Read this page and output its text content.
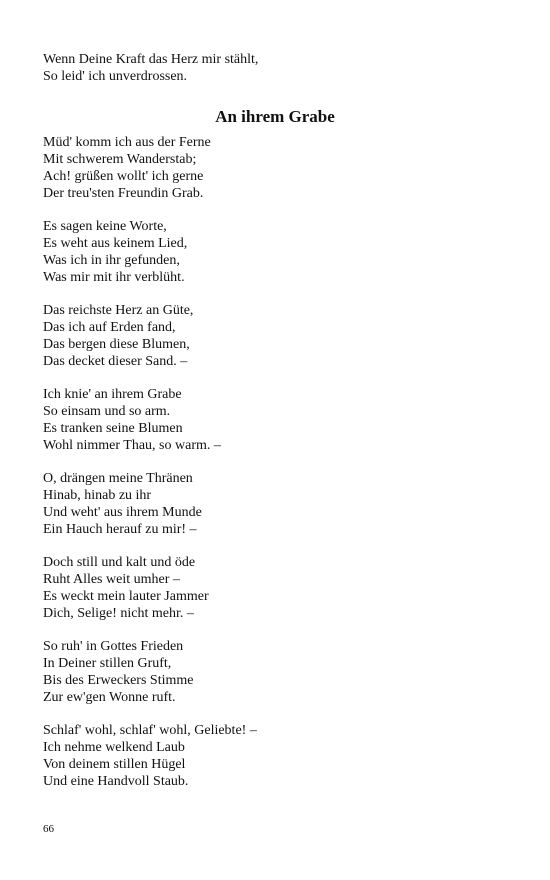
Wenn Deine Kraft das Herz mir stählt,
So leid' ich unverdrossen.
An ihrem Grabe
Müd' komm ich aus der Ferne
Mit schwerem Wanderstab;
Ach! grüßen wollt' ich gerne
Der treu'sten Freundin Grab.
Es sagen keine Worte,
Es weht aus keinem Lied,
Was ich in ihr gefunden,
Was mir mit ihr verblüht.
Das reichste Herz an Güte,
Das ich auf Erden fand,
Das bergen diese Blumen,
Das decket dieser Sand. –
Ich knie' an ihrem Grabe
So einsam und so arm.
Es tranken seine Blumen
Wohl nimmer Thau, so warm. –
O, drängen meine Thränen
Hinab, hinab zu ihr
Und weht' aus ihrem Munde
Ein Hauch herauf zu mir! –
Doch still und kalt und öde
Ruht Alles weit umher –
Es weckt mein lauter Jammer
Dich, Selige! nicht mehr. –
So ruh' in Gottes Frieden
In Deiner stillen Gruft,
Bis des Erweckers Stimme
Zur ew'gen Wonne ruft.
Schlaf' wohl, schlaf' wohl, Geliebte! –
Ich nehme welkend Laub
Von deinem stillen Hügel
Und eine Handvoll Staub.
66
